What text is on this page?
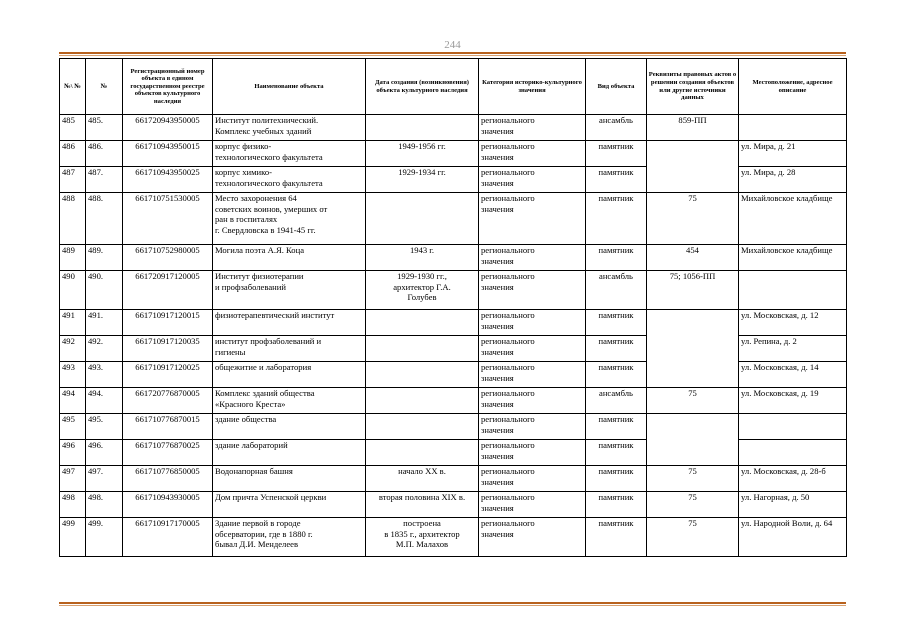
244
№\ №	№	Регистрационный номер объекта в едином государственном реестре объектов культурного наследия	Наименование объекта	Дата создания (возникновения) объекта культурного наследия	Категория историко-культурного значения	Вид объекта	Реквизиты правовых актов о решении создания объектов или другие источники данных	Местоположение, адресное описание
485	485.	661720943950005	Институт политехнический.
Комплекс учебных зданий		регионального
значения	ансамбль	859-ПП	
486	486.	661710943950015	корпус физико-
технологического факультета	1949-1956 гг.	регионального
значения	памятник		ул. Мира, д. 21
487	487.	661710943950025	корпус химико-
технологического факультета	1929-1934 гг.	регионального
значения	памятник		ул. Мира, д. 28
488	488.	661710751530005	Место захоронения 64
советских воинов, умерших от
ран в госпиталях
г. Свердловска в 1941-45 гг.		регионального
значения	памятник	75	Михайловское кладбище
489	489.	661710752980005	Могила поэта А.Я. Коца	1943 г.	регионального
значения	памятник	454	Михайловское кладбище
490	490.	661720917120005	Институт физиотерапии
и профзаболеваний	1929-1930 гг.,
архитектор Г.А.
Голубев	регионального
значения	ансамбль	75; 1056-ПП	
491	491.	661710917120015	физиотерапевтический институт		регионального
значения	памятник		ул. Московская, д. 12
492	492.	661710917120035	институт профзаболеваний и
гигиены		регионального
значения	памятник		ул. Репина, д. 2
493	493.	661710917120025	общежитие и лаборатория		регионального
значения	памятник		ул. Московская, д. 14
494	494.	661720776870005	Комплекс зданий общества
«Красного Креста»		регионального
значения	ансамбль	75	ул. Московская, д. 19
495	495.	661710776870015	здание общества		регионального
значения	памятник		
496	496.	661710776870025	здание лабораторий		регионального
значения	памятник		
497	497.	661710776850005	Водонапорная башня	начало XX в.	регионального
значения	памятник	75	ул. Московская, д. 28-б
498	498.	661710943930005	Дом причта Успенской церкви	вторая половина XIX в.	регионального
значения	памятник	75	ул. Нагорная, д. 50
499	499.	661710917170005	Здание первой в городе
обсерватории, где в 1880 г.
бывал Д.И. Менделеев	построена
в 1835 г., архитектор
М.П. Малахов	регионального
значения	памятник	75	ул. Народной Воли, д. 64
